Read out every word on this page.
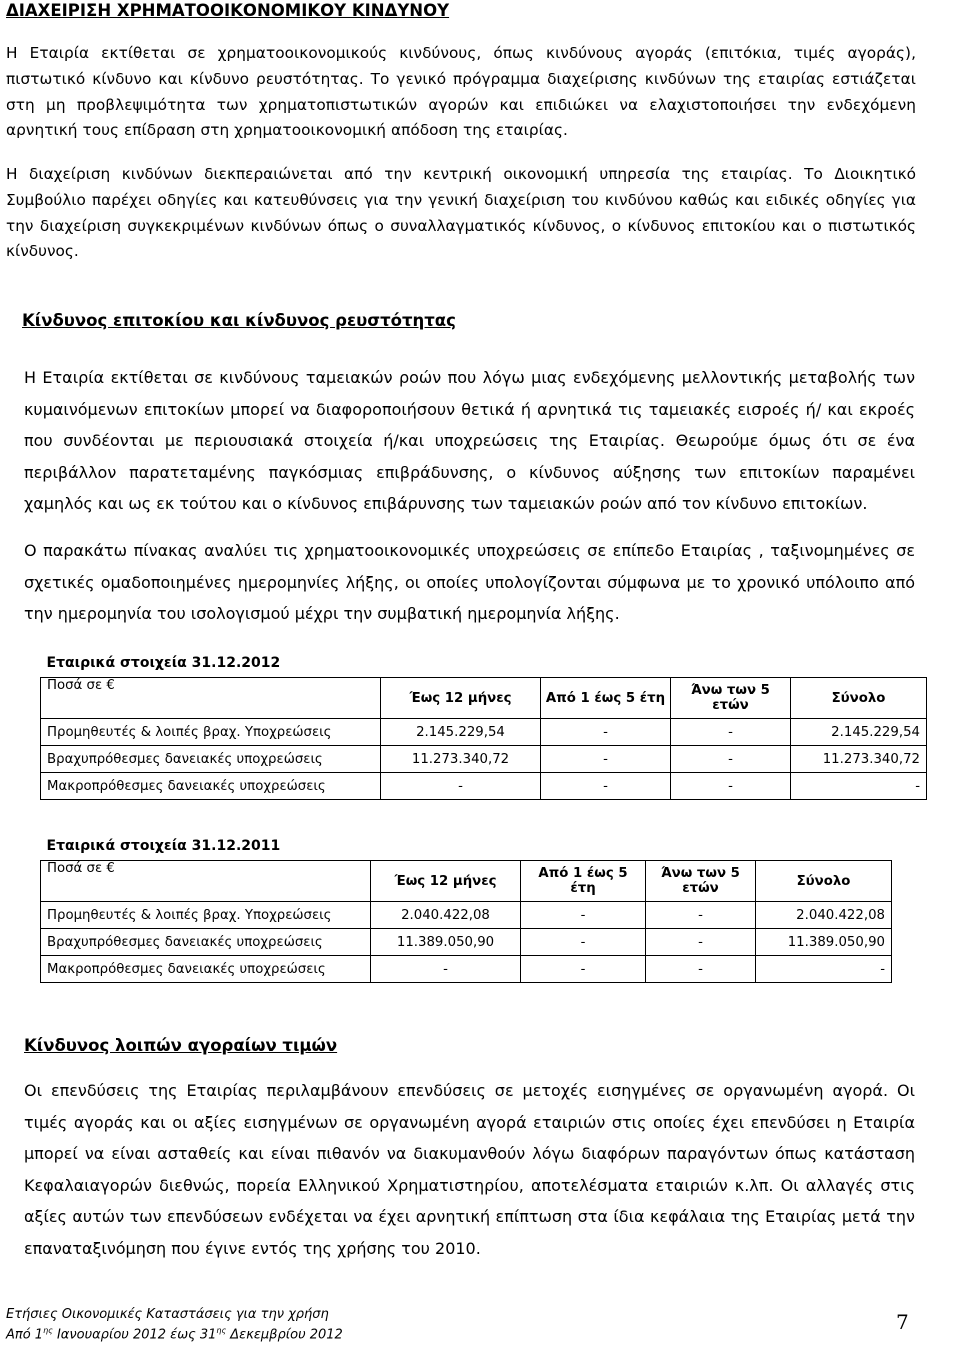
ΔΙΑΧΕΙΡΙΣΗ ΧΡΗΜΑΤΟΟΙΚΟΝΟΜΙΚΟΥ ΚΙΝΔΥΝΟΥ

Η Εταιρία εκτίθεται σε χρηματοοικονομικούς κινδύνους, όπως κινδύνους αγοράς (επιτόκια, τιμές αγοράς), πιστωτικό κίνδυνο και κίνδυνο ρευστότητας. Το γενικό πρόγραμμα διαχείρισης κινδύνων της εταιρίας εστιάζεται στη μη προβλεψιμότητα των χρηματοπιστωτικών αγορών και επιδιώκει να ελαχιστοποιήσει την ενδεχόμενη αρνητική τους επίδραση στη χρηματοοικονομική απόδοση της εταιρίας.

Η διαχείριση κινδύνων διεκπεραιώνεται από την κεντρική οικονομική υπηρεσία της εταιρίας. Το Διοικητικό Συμβούλιο παρέχει οδηγίες και κατευθύνσεις για την γενική διαχείριση του κινδύνου καθώς και ειδικές οδηγίες για την διαχείριση συγκεκριμένων κινδύνων όπως ο συναλλαγματικός κίνδυνος, ο κίνδυνος επιτοκίου και ο πιστωτικός κίνδυνος.

Κίνδυνος επιτοκίου και κίνδυνος ρευστότητας

Η Εταιρία εκτίθεται σε κινδύνους ταμειακών ροών που λόγω μιας ενδεχόμενης μελλοντικής μεταβολής των κυμαινόμενων επιτοκίων μπορεί να διαφοροποιήσουν θετικά ή αρνητικά τις ταμειακές εισροές ή/ και εκροές που συνδέονται με περιουσιακά στοιχεία ή/και υποχρεώσεις της Εταιρίας. Θεωρούμε όμως ότι σε ένα περιβάλλον παρατεταμένης παγκόσμιας επιβράδυνσης, ο κίνδυνος αύξησης των επιτοκίων παραμένει χαμηλός και ως εκ τούτου και ο κίνδυνος επιβάρυνσης των ταμειακών ροών από τον κίνδυνο επιτοκίων.

Ο παρακάτω πίνακας αναλύει τις χρηματοοικονομικές υποχρεώσεις σε επίπεδο Εταιρίας , ταξινομημένες σε σχετικές ομαδοποιημένες ημερομηνίες λήξης, οι οποίες υπολογίζονται σύμφωνα με το χρονικό υπόλοιπο από την ημερομηνία του ισολογισμού μέχρι την συμβατική ημερομηνία λήξης.

Εταιρικά στοιχεία 31.12.2012				
Ποσά σε €	Έως 12 μήνες	Από 1 έως 5 έτη	Άνω των 5 ετών	Σύνολο
Προμηθευτές & λοιπές βραχ. Υποχρεώσεις	2.145.229,54	-	-	2.145.229,54
Βραχυπρόθεσμες δανειακές υποχρεώσεις	11.273.340,72	-	-	11.273.340,72
Μακροπρόθεσμες δανειακές υποχρεώσεις	-	-	-	-
Εταιρικά στοιχεία 31.12.2011				
Ποσά σε €	Έως 12 μήνες	Από 1 έως 5 έτη	Άνω των 5 ετών	Σύνολο
Προμηθευτές & λοιπές βραχ. Υποχρεώσεις	2.040.422,08	-	-	2.040.422,08
Βραχυπρόθεσμες δανειακές υποχρεώσεις	11.389.050,90	-	-	11.389.050,90
Μακροπρόθεσμες δανειακές υποχρεώσεις	-	-	-	-
Κίνδυνος λοιπών αγοραίων τιμών

Οι επενδύσεις της Εταιρίας περιλαμβάνουν επενδύσεις σε μετοχές εισηγμένες σε οργανωμένη αγορά. Οι τιμές αγοράς και οι αξίες εισηγμένων σε οργανωμένη αγορά εταιριών στις οποίες έχει επενδύσει η Εταιρία μπορεί να είναι ασταθείς και είναι πιθανόν να διακυμανθούν λόγω διαφόρων παραγόντων όπως κατάσταση Κεφαλαιαγορών διεθνώς, πορεία Ελληνικού Χρηματιστηρίου, αποτελέσματα εταιριών κ.λπ. Οι αλλαγές στις αξίες αυτών των επενδύσεων ενδέχεται να έχει αρνητική επίπτωση στα ίδια κεφάλαια της Εταιρίας μετά την επαναταξινόμηση που έγινε εντός της χρήσης του 2010.

Ετήσιες Οικονομικές Καταστάσεις για την χρήση
Από $1^{\eta\varsigma}$ Ιανουαρίου 2012 έως $31^{\eta\varsigma}$ Δεκεμβρίου 2012
7
